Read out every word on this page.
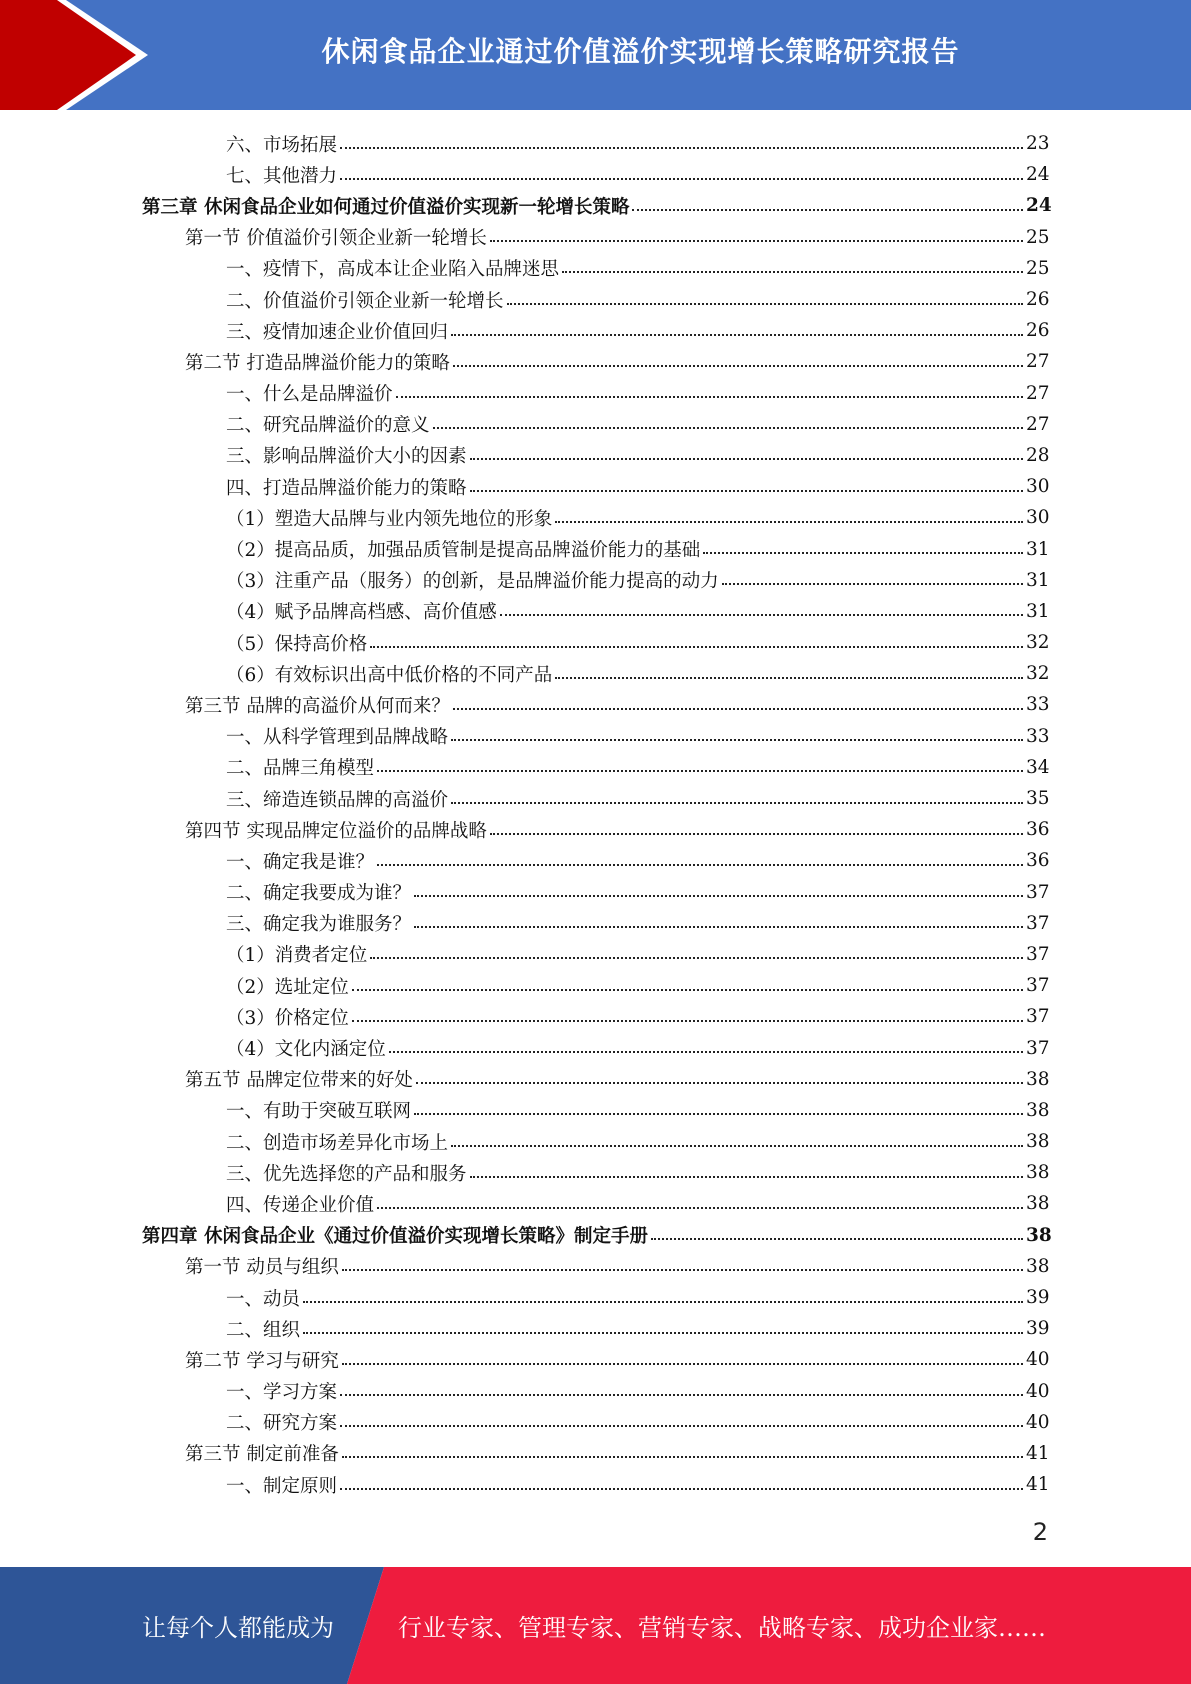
休闲食品企业通过价值溢价实现增长策略研究报告
六、市场拓展	23
七、其他潜力	24
第三章 休闲食品企业如何通过价值溢价实现新一轮增长策略	24
第一节 价值溢价引领企业新一轮增长	25
一、疫情下，高成本让企业陷入品牌迷思	25
二、价值溢价引领企业新一轮增长	26
三、疫情加速企业价值回归	26
第二节 打造品牌溢价能力的策略	27
一、什么是品牌溢价	27
二、研究品牌溢价的意义	27
三、影响品牌溢价大小的因素	28
四、打造品牌溢价能力的策略	30
（1）塑造大品牌与业内领先地位的形象	30
（2）提高品质，加强品质管制是提高品牌溢价能力的基础	31
（3）注重产品（服务）的创新，是品牌溢价能力提高的动力	31
（4）赋予品牌高档感、高价值感	31
（5）保持高价格	32
（6）有效标识出高中低价格的不同产品	32
第三节 品牌的高溢价从何而来？	33
一、从科学管理到品牌战略	33
二、品牌三角模型	34
三、缔造连锁品牌的高溢价	35
第四节 实现品牌定位溢价的品牌战略	36
一、确定我是谁？	36
二、确定我要成为谁？	37
三、确定我为谁服务？	37
（1）消费者定位	37
（2）选址定位	37
（3）价格定位	37
（4）文化内涵定位	37
第五节 品牌定位带来的好处	38
一、有助于突破互联网	38
二、创造市场差异化市场上	38
三、优先选择您的产品和服务	38
四、传递企业价值	38
第四章 休闲食品企业《通过价值溢价实现增长策略》制定手册	38
第一节 动员与组织	38
一、动员	39
二、组织	39
第二节 学习与研究	40
一、学习方案	40
二、研究方案	40
第三节 制定前准备	41
一、制定原则	41
2
让每个人都能成为	行业专家、管理专家、营销专家、战略专家、成功企业家……
